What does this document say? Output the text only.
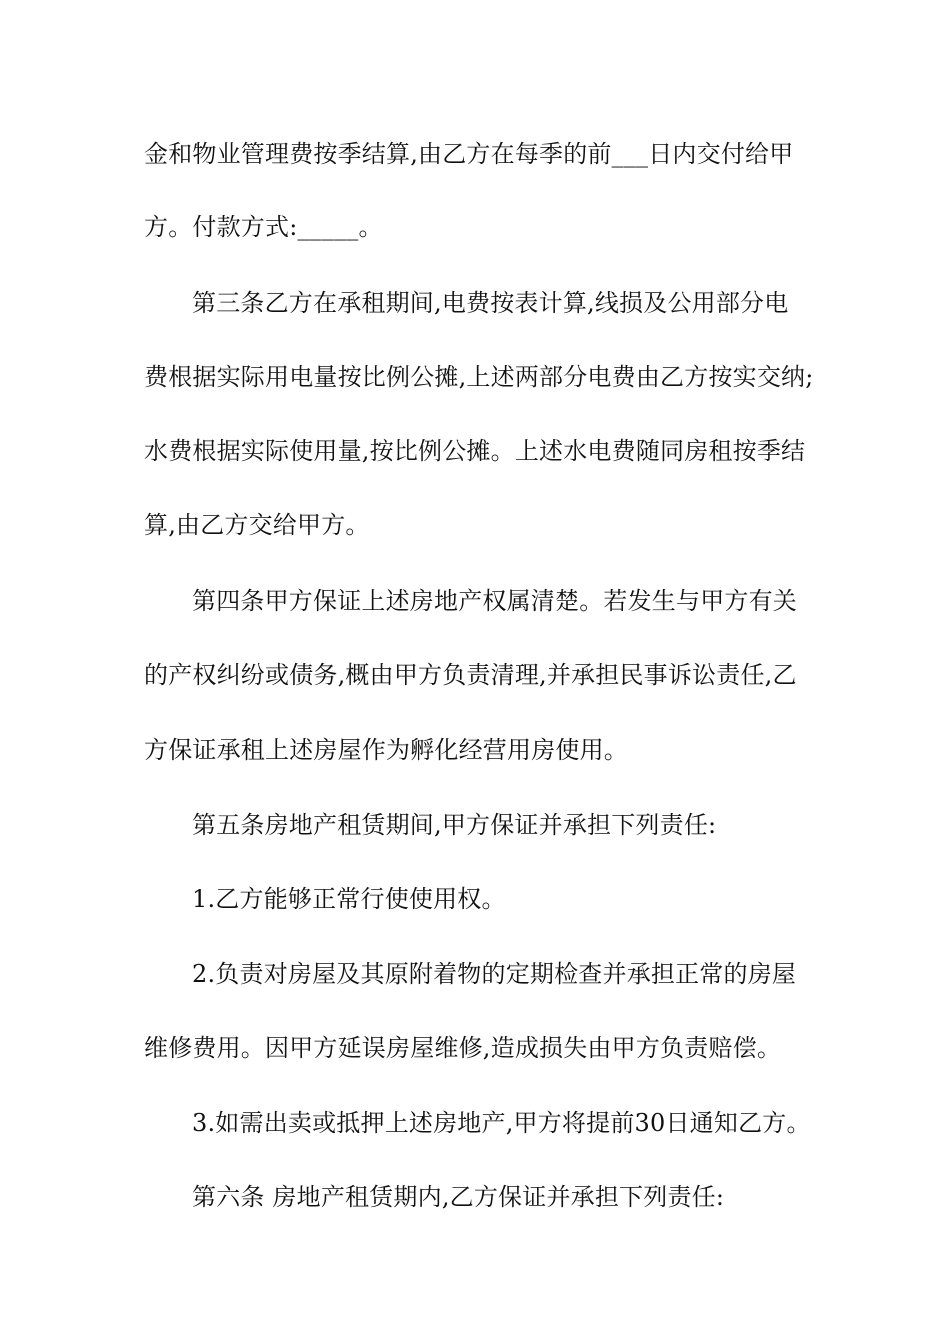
金和物业管理费按季结算,由乙方在每季的前___日内交付给甲
方。付款方式:_____。
第三条乙方在承租期间,电费按表计算,线损及公用部分电
费根据实际用电量按比例公摊,上述两部分电费由乙方按实交纳;
水费根据实际使用量,按比例公摊。上述水电费随同房租按季结
算,由乙方交给甲方。
第四条甲方保证上述房地产权属清楚。若发生与甲方有关
的产权纠纷或债务,概由甲方负责清理,并承担民事诉讼责任,乙
方保证承租上述房屋作为孵化经营用房使用。
第五条房地产租赁期间,甲方保证并承担下列责任:
1.乙方能够正常行使使用权。
2.负责对房屋及其原附着物的定期检查并承担正常的房屋
维修费用。因甲方延误房屋维修,造成损失由甲方负责赔偿。
3.如需出卖或抵押上述房地产,甲方将提前30日通知乙方。
第六条 房地产租赁期内,乙方保证并承担下列责任:
